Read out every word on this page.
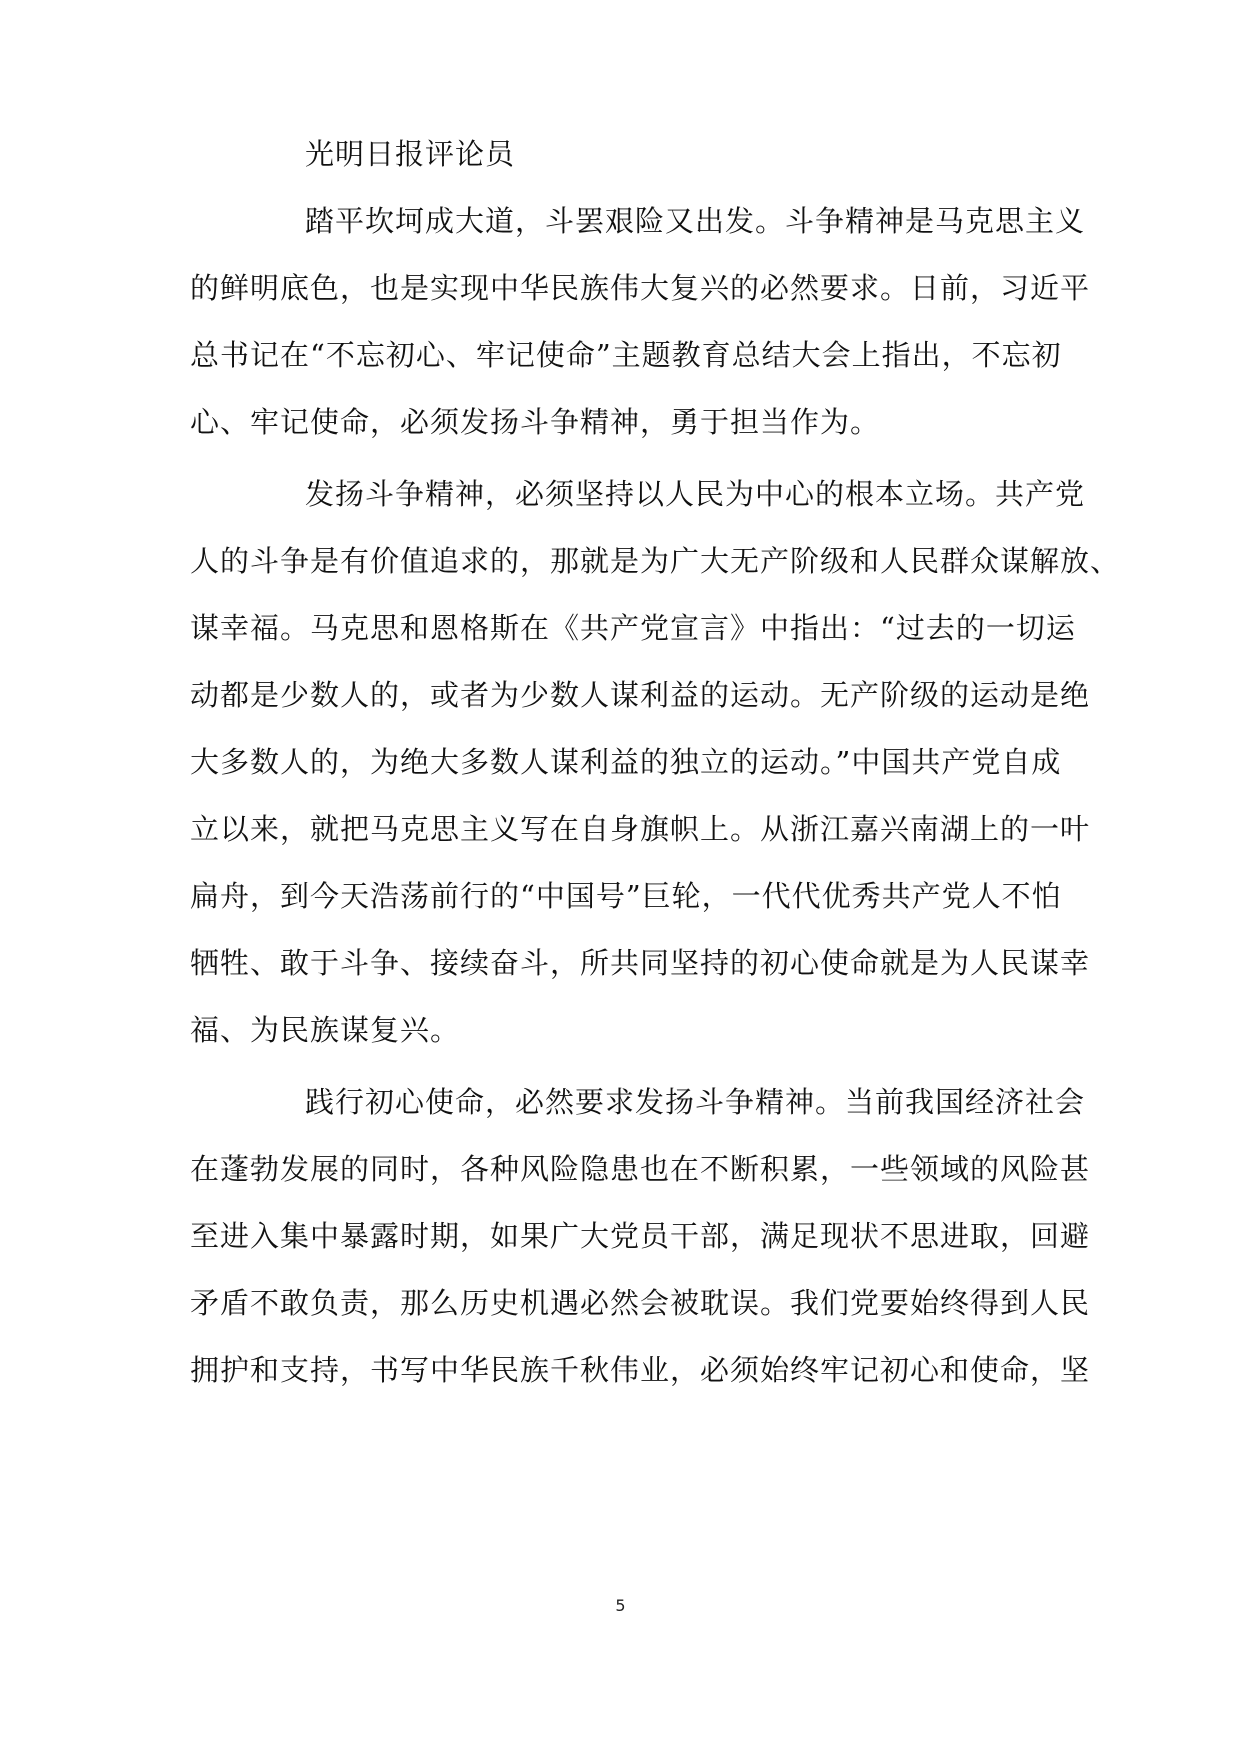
光明日报评论员
踏平坎坷成大道，斗罢艰险又出发。斗争精神是马克思主义
的鲜明底色，也是实现中华民族伟大复兴的必然要求。日前，习近平
总书记在“不忘初心、牢记使命”主题教育总结大会上指出，不忘初
心、牢记使命，必须发扬斗争精神，勇于担当作为。
发扬斗争精神，必须坚持以人民为中心的根本立场。共产党
人的斗争是有价值追求的，那就是为广大无产阶级和人民群众谋解放、
谋幸福。马克思和恩格斯在《共产党宣言》中指出：“过去的一切运
动都是少数人的，或者为少数人谋利益的运动。无产阶级的运动是绝
大多数人的，为绝大多数人谋利益的独立的运动。”中国共产党自成
立以来，就把马克思主义写在自身旗帜上。从浙江嘉兴南湖上的一叶
扁舟，到今天浩荡前行的“中国号”巨轮，一代代优秀共产党人不怕
牺牲、敢于斗争、接续奋斗，所共同坚持的初心使命就是为人民谋幸
福、为民族谋复兴。
践行初心使命，必然要求发扬斗争精神。当前我国经济社会
在蓬勃发展的同时，各种风险隐患也在不断积累，一些领域的风险甚
至进入集中暴露时期，如果广大党员干部，满足现状不思进取，回避
矛盾不敢负责，那么历史机遇必然会被耽误。我们党要始终得到人民
拥护和支持，书写中华民族千秋伟业，必须始终牢记初心和使命，坚
5
